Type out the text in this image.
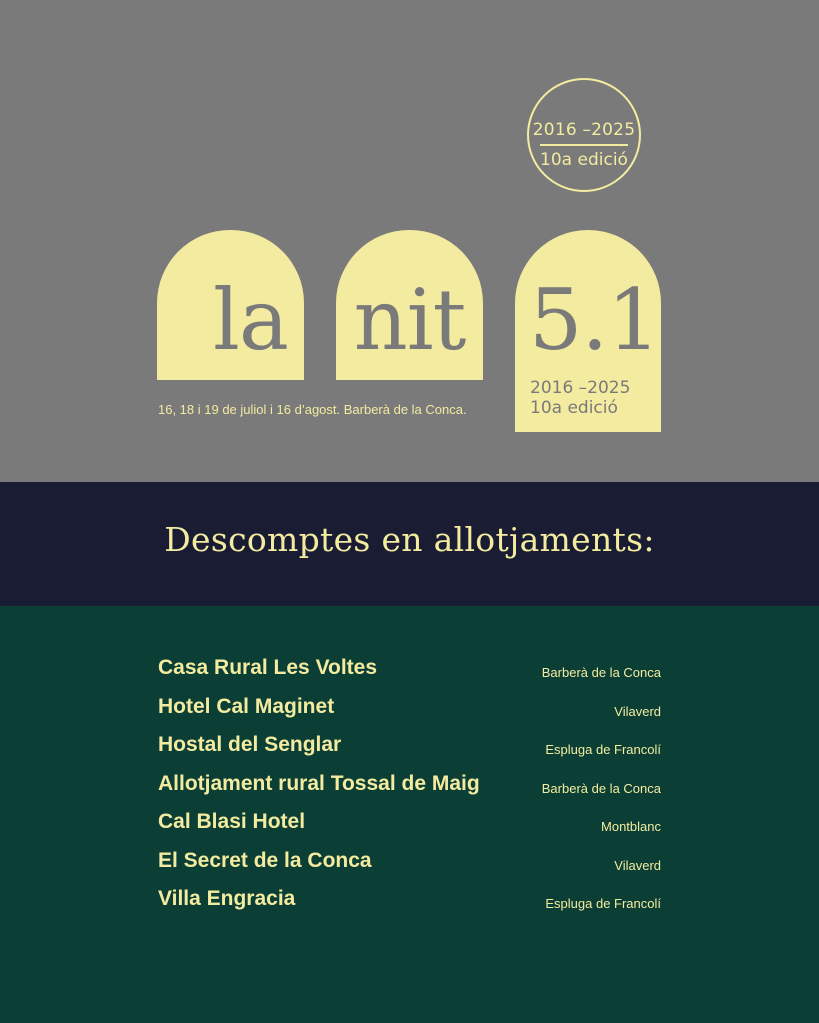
2016 –2025
10a edició
la nit 5.1
2016 –2025
10a edició
16, 18 i 19 de juliol i 16 d’agost. Barberà de la Conca.
Descomptes en allotjaments:
Casa Rural Les Voltes	Barberà de la Conca
Hotel Cal Maginet	Vilaverd
Hostal del Senglar	Espluga de Francolí
Allotjament rural Tossal de Maig	Barberà de la Conca
Cal Blasi Hotel	Montblanc
El Secret de la Conca	Vilaverd
Villa Engracia	Espluga de Francolí
